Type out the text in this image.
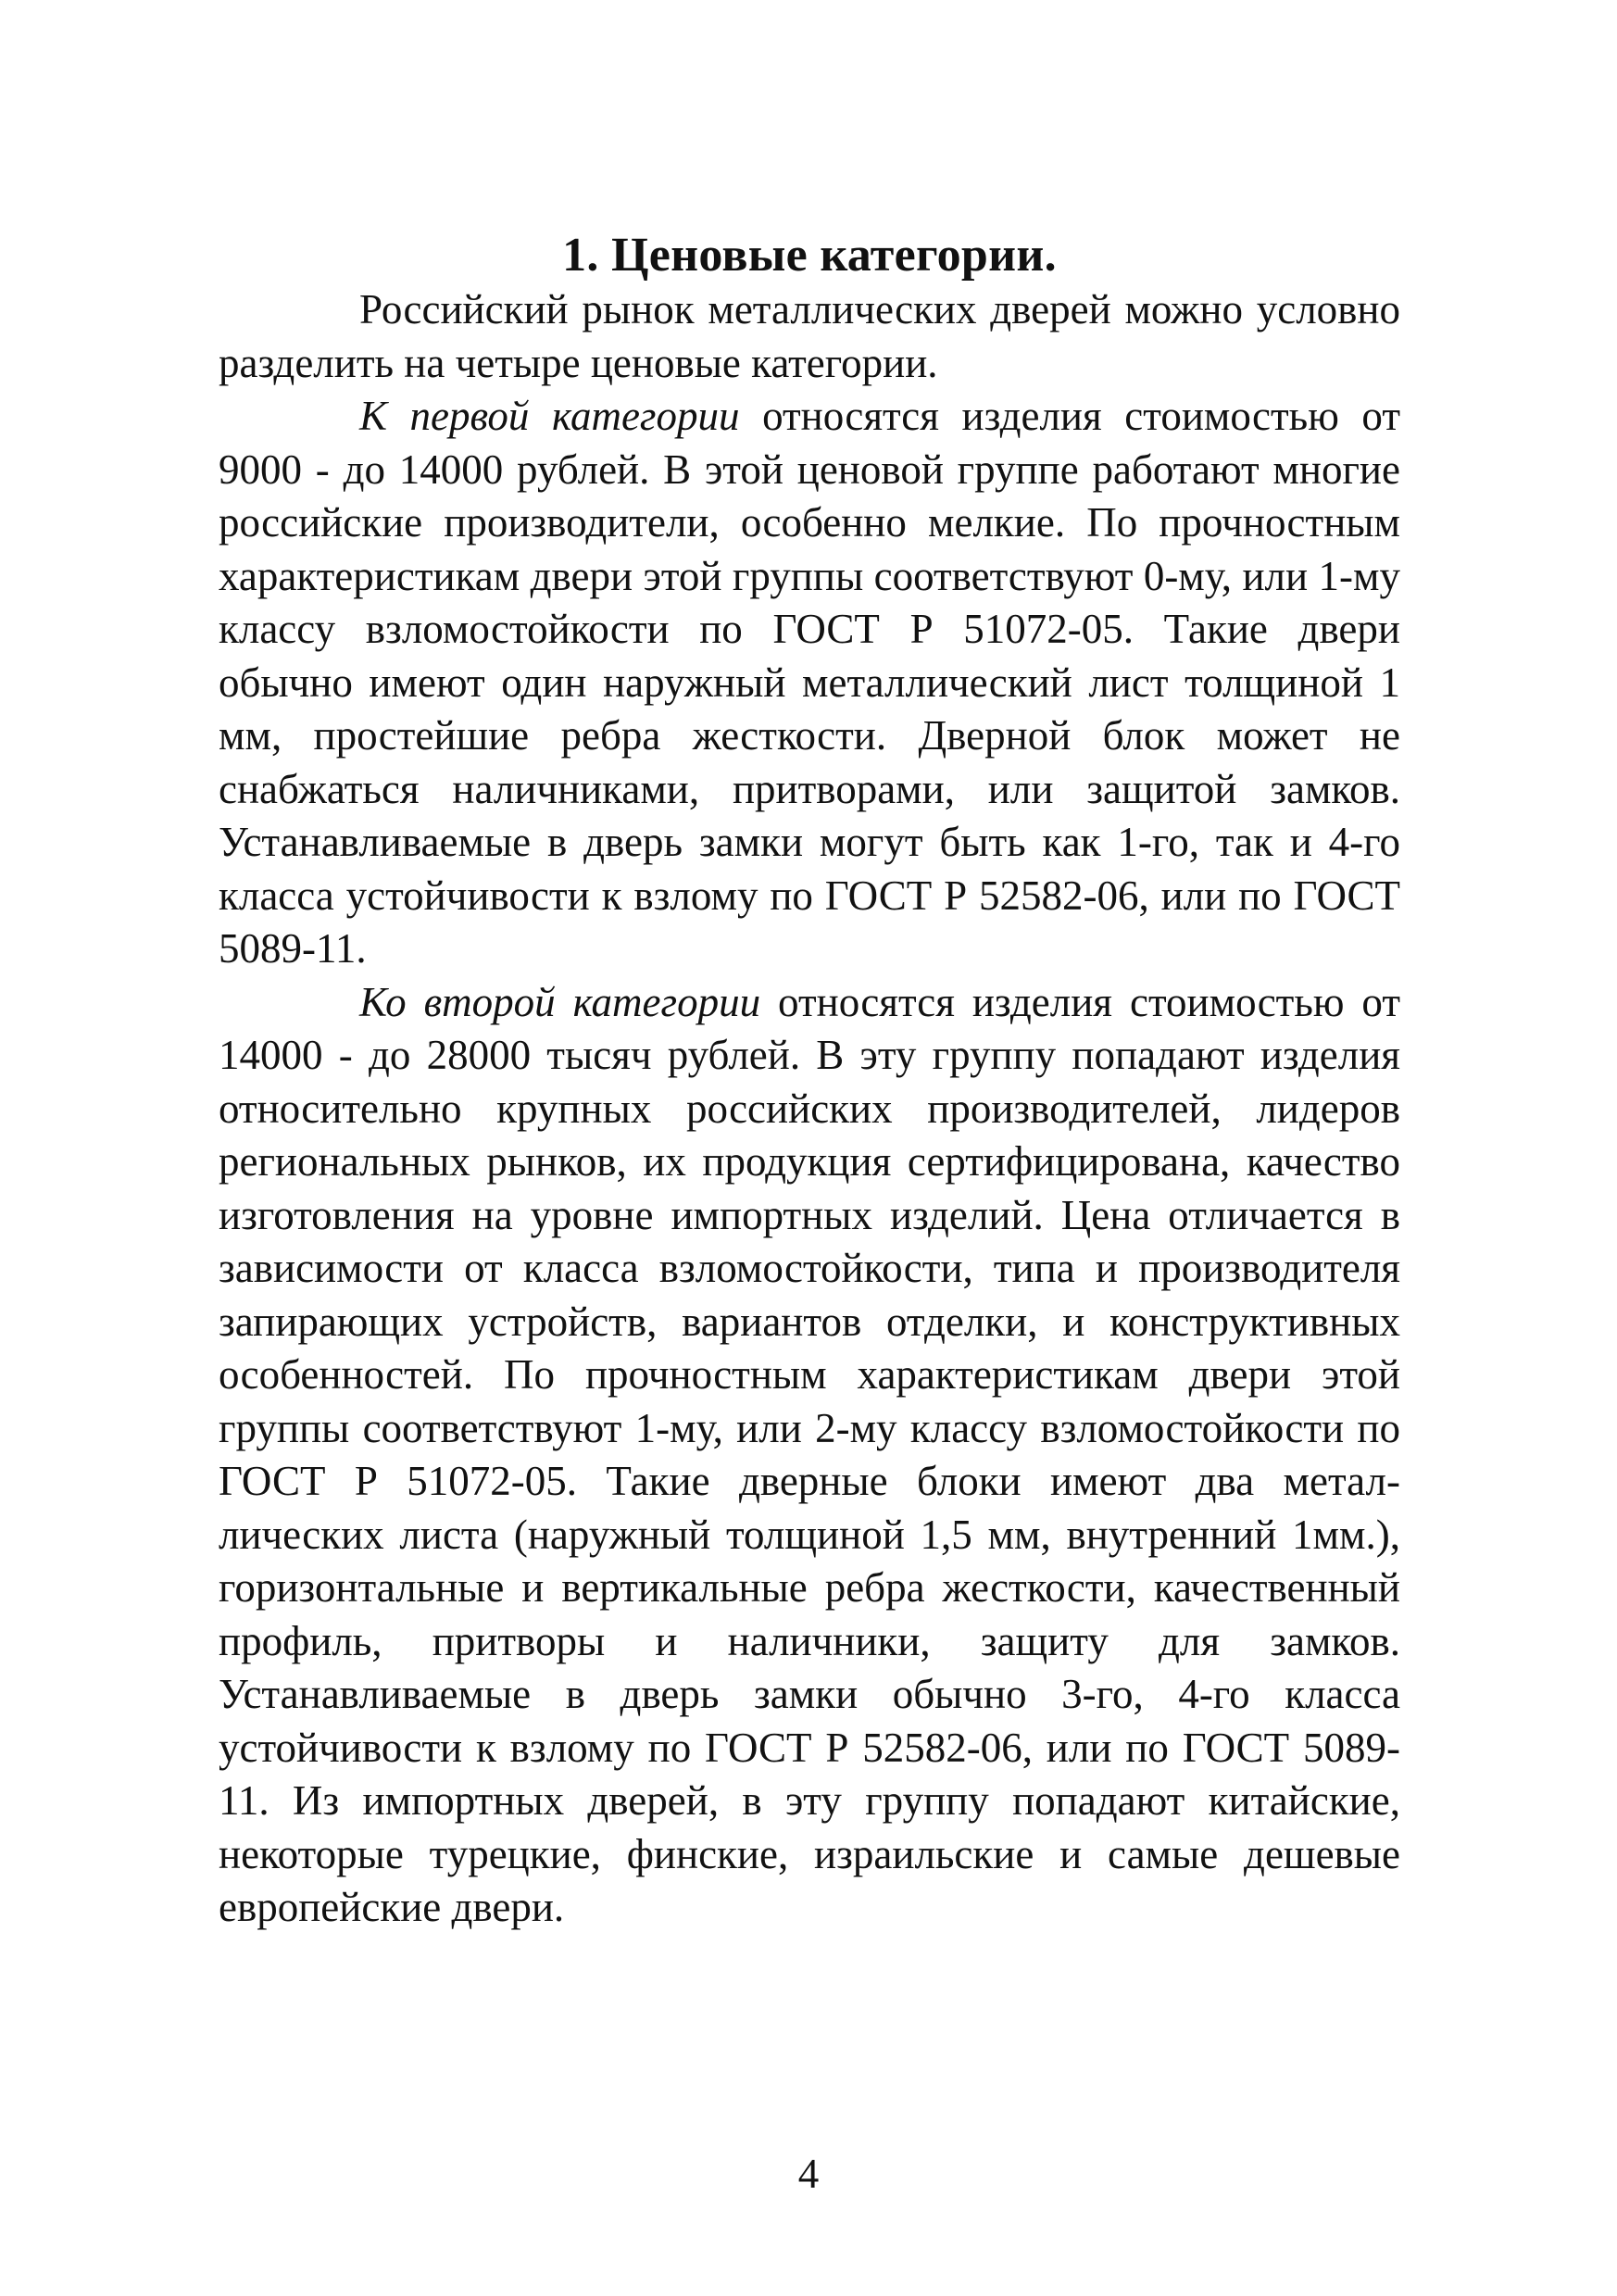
1. Ценовые категории.

Российский рынок металлических дверей можно условно разделить на четыре ценовые категории.

К первой категории относятся изделия стоимостью от 9000 - до 14000 рублей. В этой ценовой группе работают многие российские производители, особенно мелкие. По прочностным характеристикам двери этой группы соответствуют 0-му, или 1-му классу взломостойкости по ГОСТ Р 51072-05. Такие двери обычно имеют один наружный металлический лист толщиной 1 мм, простейшие ребра жесткости. Дверной блок может не снабжаться наличниками, притворами, или защитой замков. Устанавливаемые в дверь замки могут быть как 1-го, так и 4-го класса устойчивости к взлому по ГОСТ Р 52582-06, или по ГОСТ 5089-11.

Ко второй категории относятся изделия стоимостью от 14000 - до 28000 тысяч рублей. В эту группу попадают изделия относительно крупных российских производителей, лидеров региональных рынков, их продукция сертифицирована, качество изготовления на уровне импортных изделий. Цена отличается в зависимости от класса взломостойкости, типа и производителя запирающих устройств, вариантов отделки, и конструктивных особенностей. По прочностным характеристикам двери этой группы соответствуют 1-му, или 2-му классу взломостойкости по ГОСТ Р 51072-05. Такие дверные блоки имеют два металлических листа (наружный толщиной 1,5 мм, внутренний 1мм.), горизонтальные и вертикальные ребра жесткости, качественный профиль, притворы и наличники, защиту для замков. Устанавливаемые в дверь замки обычно 3-го, 4-го класса устойчивости к взлому по ГОСТ Р 52582-06, или по ГОСТ 5089-11. Из импортных дверей, в эту группу попадают китайские, некоторые турецкие, финские, израильские и самые дешевые европейские двери.

4
